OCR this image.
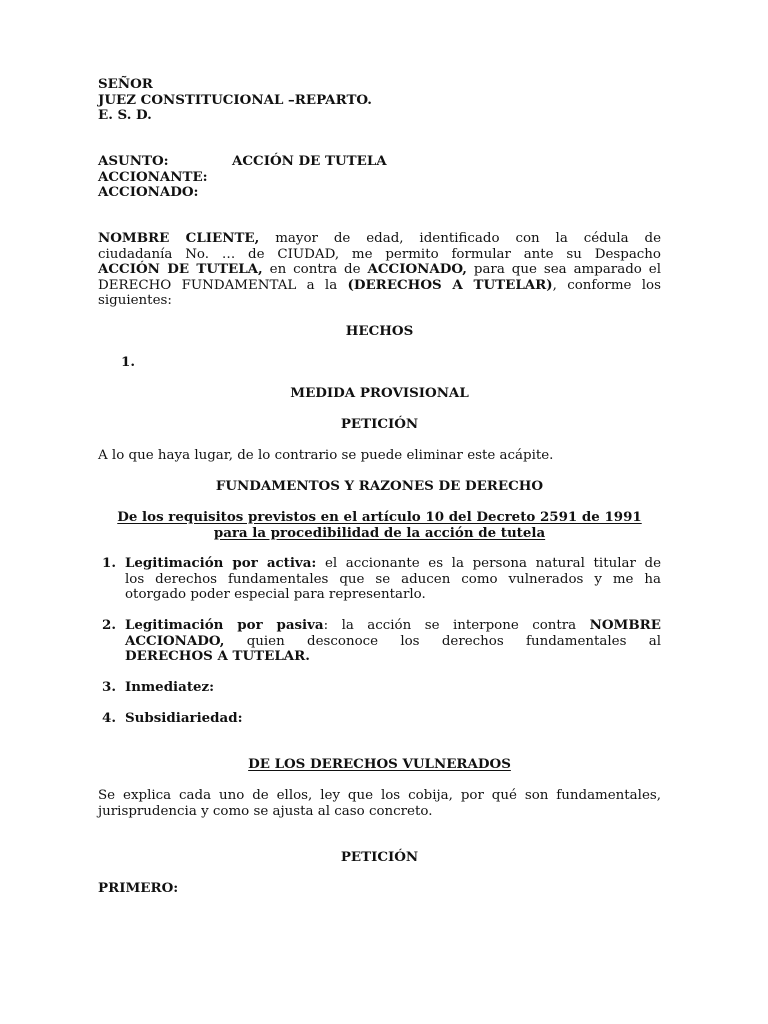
SEÑOR
JUEZ CONSTITUCIONAL –REPARTO.
E. S. D.
ASUNTO:	ACCIÓN DE TUTELA
ACCIONANTE:
ACCIONADO:
NOMBRE CLIENTE, mayor de edad, identificado con la cédula de
ciudadanía No. … de CIUDAD, me permito formular ante su Despacho
ACCIÓN DE TUTELA, en contra de ACCIONADO, para que sea amparado el
DERECHO FUNDAMENTAL a la (DERECHOS A TUTELAR), conforme los
siguientes:
HECHOS
1.
MEDIDA PROVISIONAL
PETICIÓN
A lo que haya lugar, de lo contrario se puede eliminar este acápite.
FUNDAMENTOS Y RAZONES DE DERECHO
De los requisitos previstos en el artículo 10 del Decreto 2591 de 1991
para la procedibilidad de la acción de tutela
1. Legitimación por activa: el accionante es la persona natural titular de
los derechos fundamentales que se aducen como vulnerados y me ha
otorgado poder especial para representarlo.
2. Legitimación por pasiva: la acción se interpone contra NOMBRE
ACCIONADO, quien desconoce los derechos fundamentales al
DERECHOS A TUTELAR.
3. Inmediatez:
4. Subsidiariedad:
DE LOS DERECHOS VULNERADOS
Se explica cada uno de ellos, ley que los cobija, por qué son fundamentales,
jurisprudencia y como se ajusta al caso concreto.
PETICIÓN
PRIMERO:
